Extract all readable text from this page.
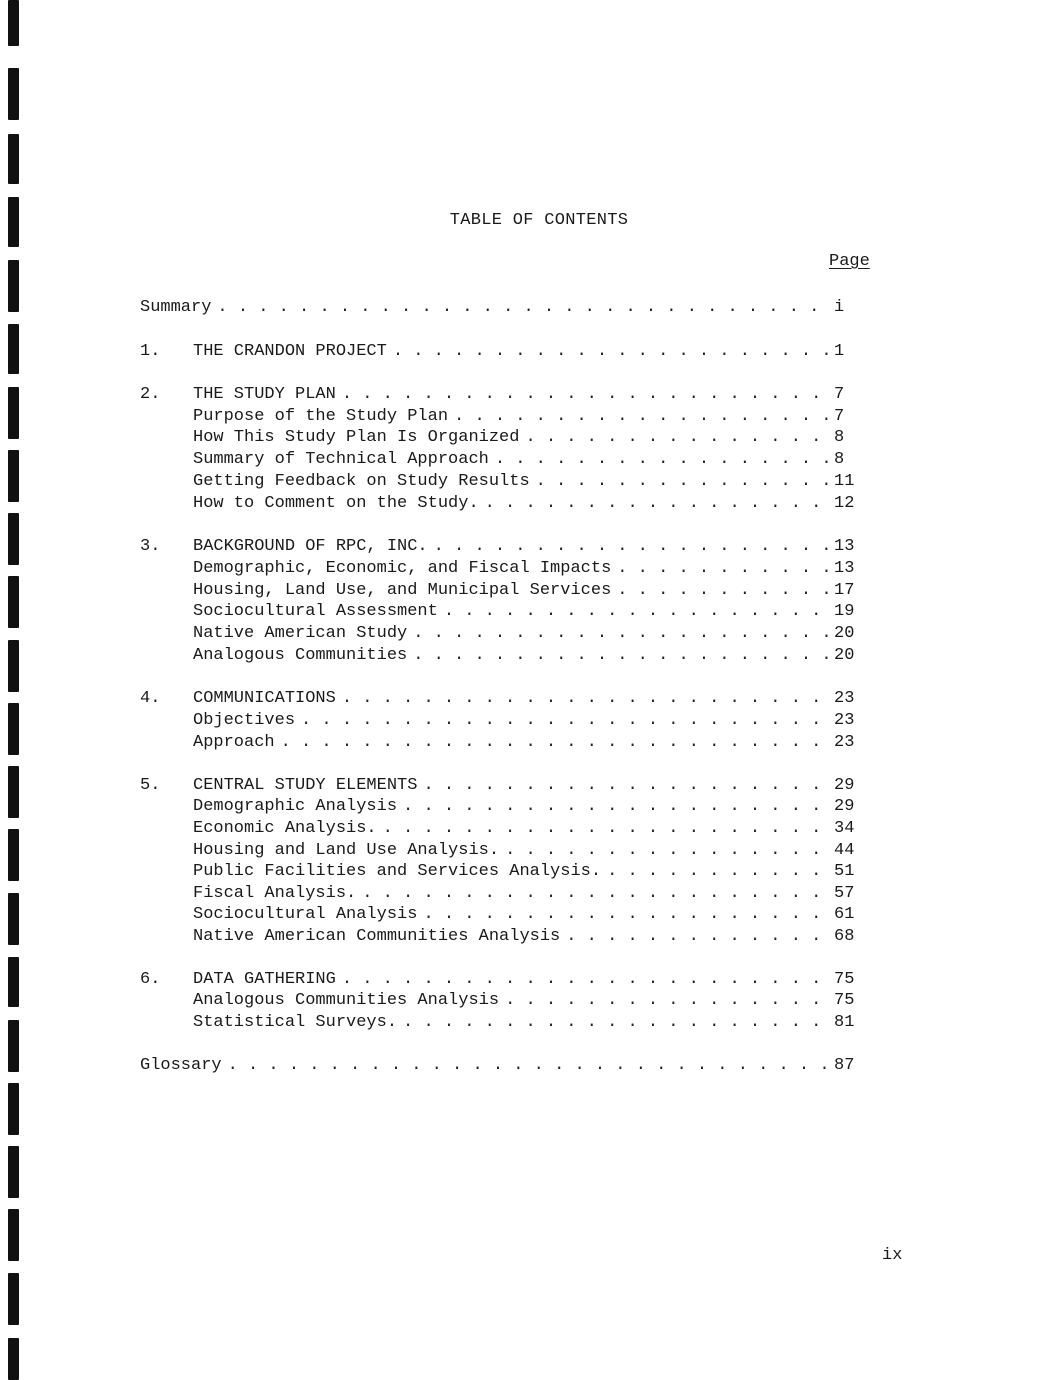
TABLE OF CONTENTS
Page
Summary . . .	i
1.	THE CRANDON PROJECT . . .	1
2.	THE STUDY PLAN . . .	7
Purpose of the Study Plan . . .	7
How This Study Plan Is Organized . . .	8
Summary of Technical Approach . . .	8
Getting Feedback on Study Results . . .	11
How to Comment on the Study. . . .	12
3.	BACKGROUND OF RPC, INC. . . .	13
Demographic, Economic, and Fiscal Impacts . . .	13
Housing, Land Use, and Municipal Services . . .	17
Sociocultural Assessment . . .	19
Native American Study . . .	20
Analogous Communities . . .	20
4.	COMMUNICATIONS . . .	23
Objectives . . .	23
Approach . . .	23
5.	CENTRAL STUDY ELEMENTS . . .	29
Demographic Analysis . . .	29
Economic Analysis. . . .	34
Housing and Land Use Analysis. . . .	44
Public Facilities and Services Analysis. . . .	51
Fiscal Analysis. . . .	57
Sociocultural Analysis . . .	61
Native American Communities Analysis . . .	68
6.	DATA GATHERING . . .	75
Analogous Communities Analysis . . .	75
Statistical Surveys. . . .	81
Glossary . . .	87
ix
